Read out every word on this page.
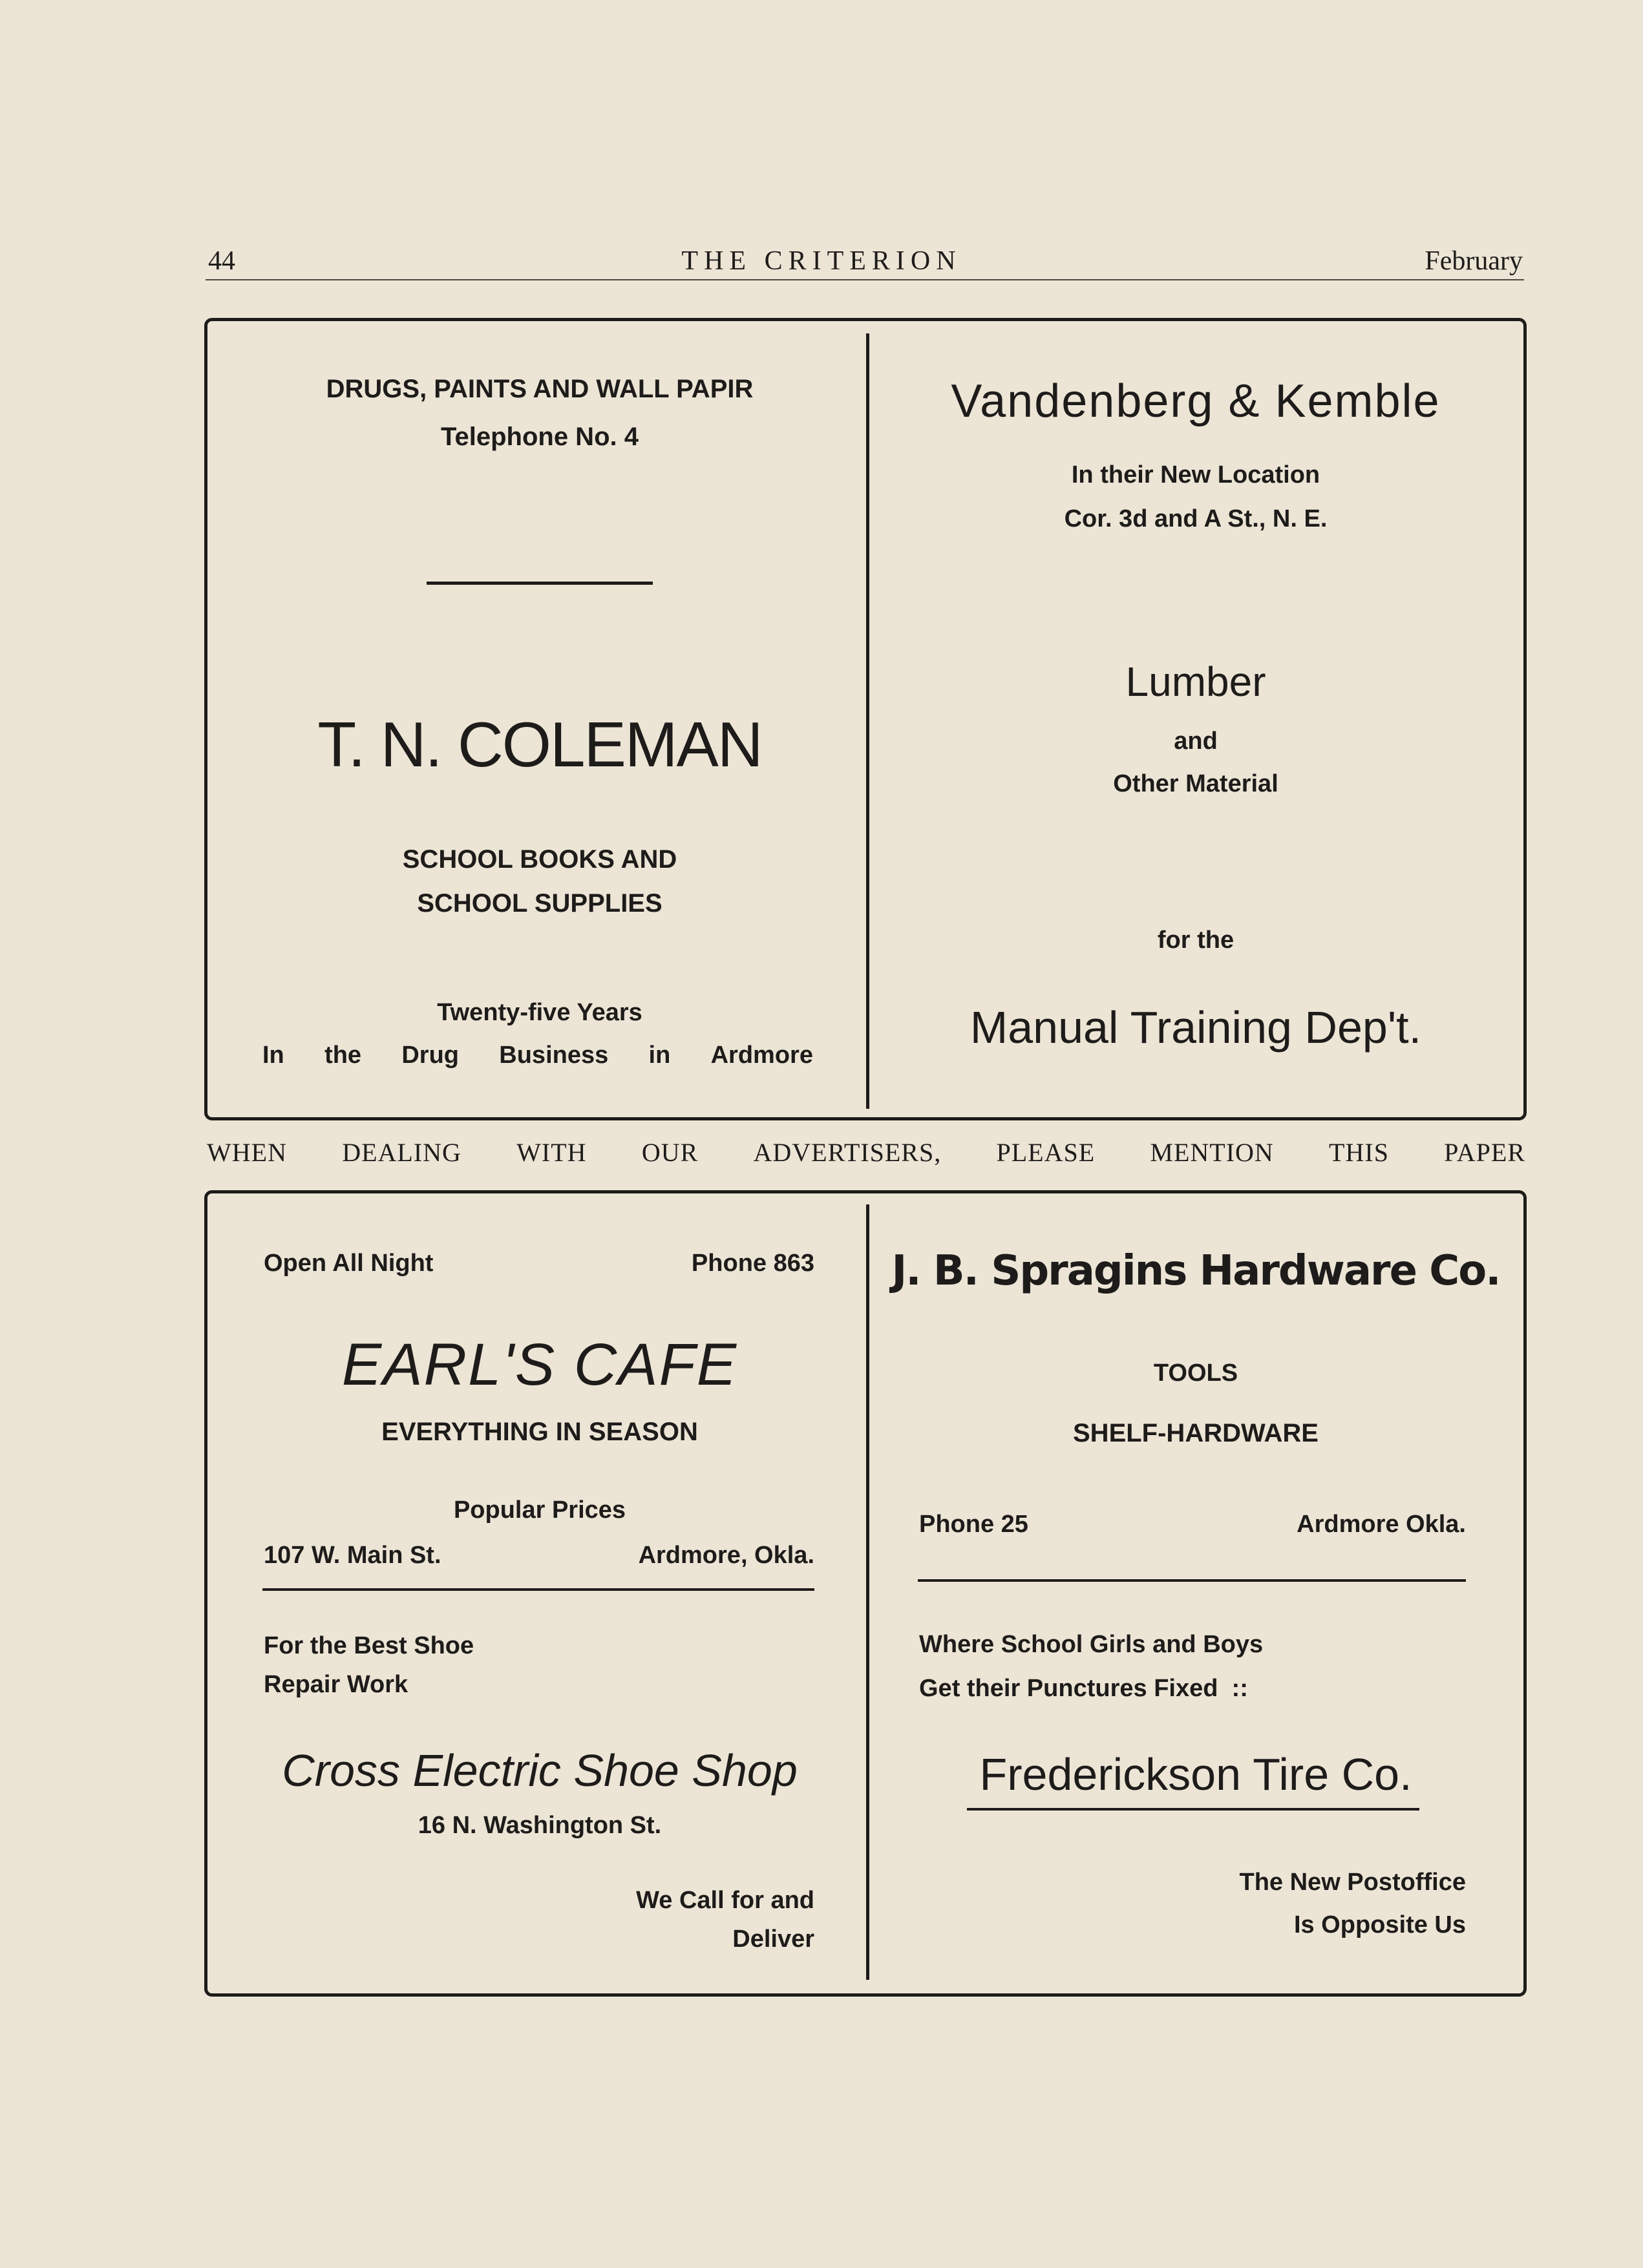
44	THE CRITERION	February
DRUGS, PAINTS AND WALL PAPIR
Telephone No. 4
T. N. COLEMAN
SCHOOL BOOKS AND
SCHOOL SUPPLIES
Twenty-five Years
In the Drug Business in Ardmore
Vandenberg & Kemble
In their New Location
Cor. 3d and A St., N. E.
Lumber
and
Other Material
for the
Manual Training Dep't.
WHEN DEALING WITH OUR ADVERTISERS, PLEASE MENTION THIS PAPER
Open All Night	Phone 863
EARL'S CAFE
EVERYTHING IN SEASON
Popular Prices
107 W. Main St.	Ardmore, Okla.
For the Best Shoe
Repair Work
Cross Electric Shoe Shop
16 N. Washington St.
We Call for and
Deliver
J. B. Spragins Hardware Co.
TOOLS
SHELF-HARDWARE
Phone 25	Ardmore Okla.
Where School Girls and Boys
Get their Punctures Fixed  ::
Frederickson Tire Co.
The New Postoffice
Is Opposite Us
